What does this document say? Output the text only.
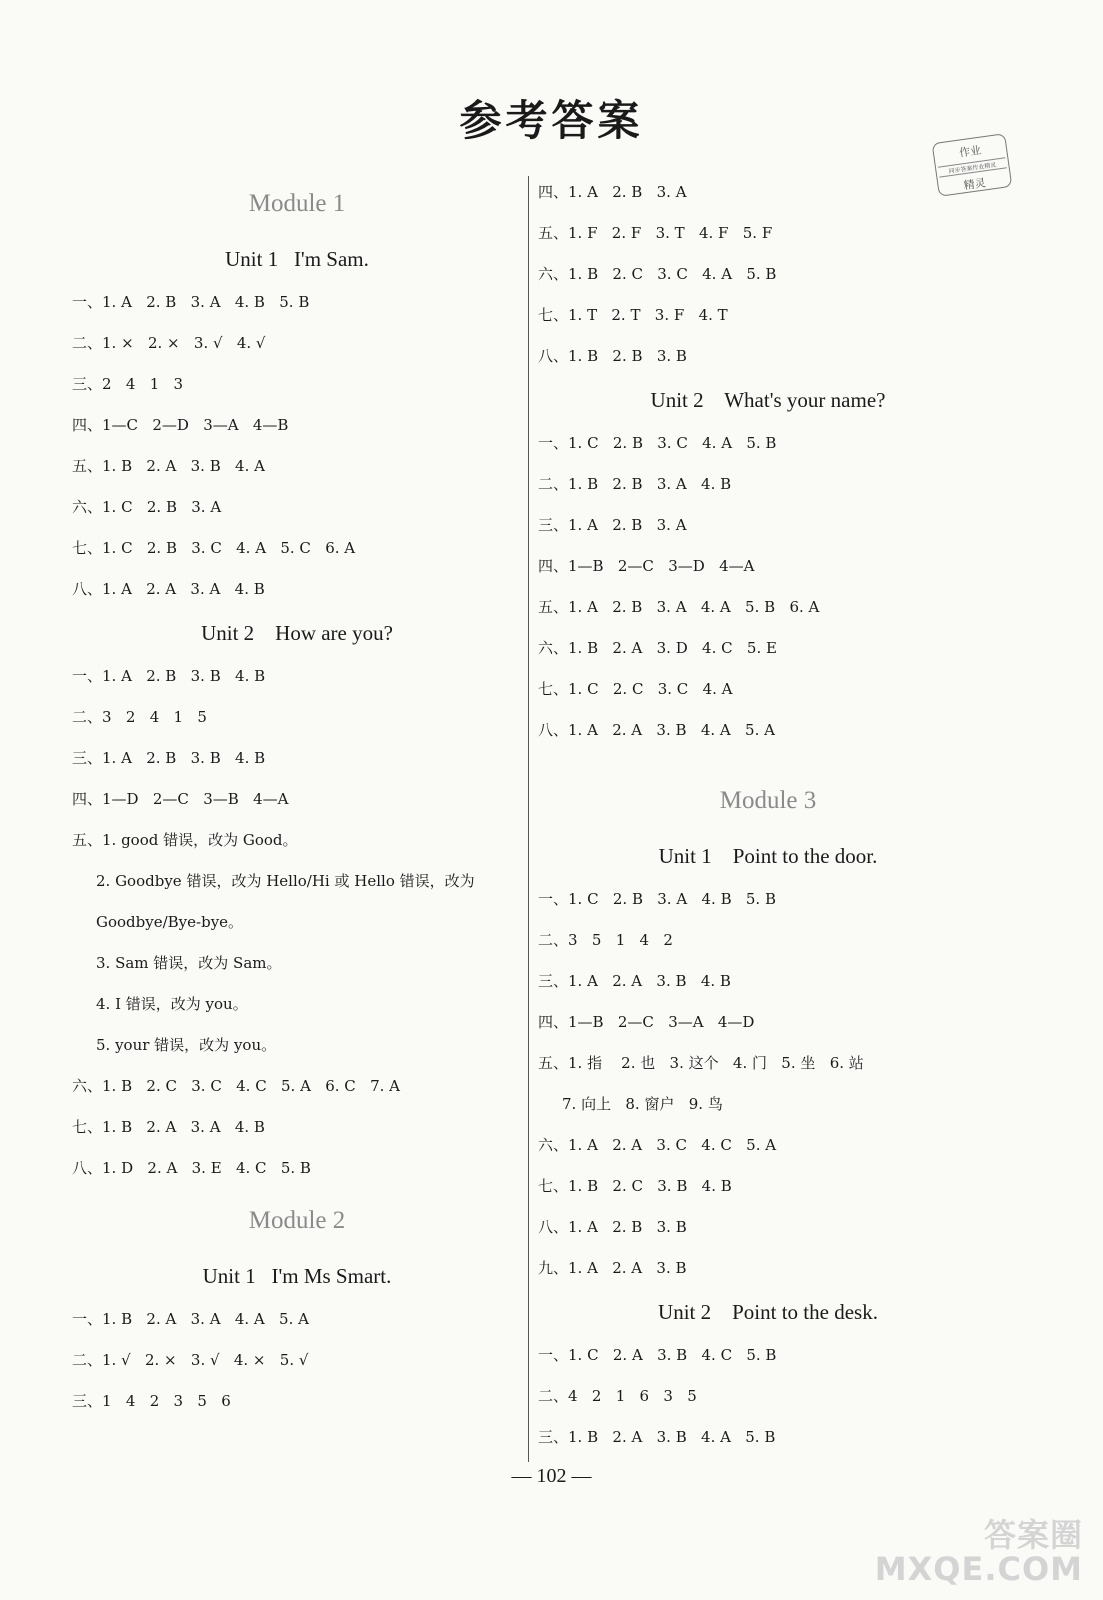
参考答案
作业
同步答案作业精灵
精灵
Module 1
Unit 1   I'm Sam.
一、1. A   2. B   3. A   4. B   5. B
二、1. ×   2. ×   3. √   4. √
三、2   4   1   3
四、1—C   2—D   3—A   4—B
五、1. B   2. A   3. B   4. A
六、1. C   2. B   3. A
七、1. C   2. B   3. C   4. A   5. C   6. A
八、1. A   2. A   3. A   4. B
Unit 2    How are you?
一、1. A   2. B   3. B   4. B
二、3   2   4   1   5
三、1. A   2. B   3. B   4. B
四、1—D   2—C   3—B   4—A
五、1. good 错误，改为 Good。
2. Goodbye 错误，改为 Hello/Hi 或 Hello 错误，改为
Goodbye/Bye-bye。
3. Sam 错误，改为 Sam。
4. I 错误，改为 you。
5. your 错误，改为 you。
六、1. B   2. C   3. C   4. C   5. A   6. C   7. A
七、1. B   2. A   3. A   4. B
八、1. D   2. A   3. E   4. C   5. B
Module 2
Unit 1   I'm Ms Smart.
一、1. B   2. A   3. A   4. A   5. A
二、1. √   2. ×   3. √   4. ×   5. √
三、1   4   2   3   5   6
四、1. A   2. B   3. A
五、1. F   2. F   3. T   4. F   5. F
六、1. B   2. C   3. C   4. A   5. B
七、1. T   2. T   3. F   4. T
八、1. B   2. B   3. B
Unit 2    What's your name?
一、1. C   2. B   3. C   4. A   5. B
二、1. B   2. B   3. A   4. B
三、1. A   2. B   3. A
四、1—B   2—C   3—D   4—A
五、1. A   2. B   3. A   4. A   5. B   6. A
六、1. B   2. A   3. D   4. C   5. E
七、1. C   2. C   3. C   4. A
八、1. A   2. A   3. B   4. A   5. A
Module 3
Unit 1    Point to the door.
一、1. C   2. B   3. A   4. B   5. B
二、3   5   1   4   2
三、1. A   2. A   3. B   4. B
四、1—B   2—C   3—A   4—D
五、1. 指    2. 也   3. 这个   4. 门   5. 坐   6. 站
7. 向上   8. 窗户   9. 鸟
六、1. A   2. A   3. C   4. C   5. A
七、1. B   2. C   3. B   4. B
八、1. A   2. B   3. B
九、1. A   2. A   3. B
Unit 2    Point to the desk.
一、1. C   2. A   3. B   4. C   5. B
二、4   2   1   6   3   5
三、1. B   2. A   3. B   4. A   5. B
— 102 —
答案圈
MXQE.COM
